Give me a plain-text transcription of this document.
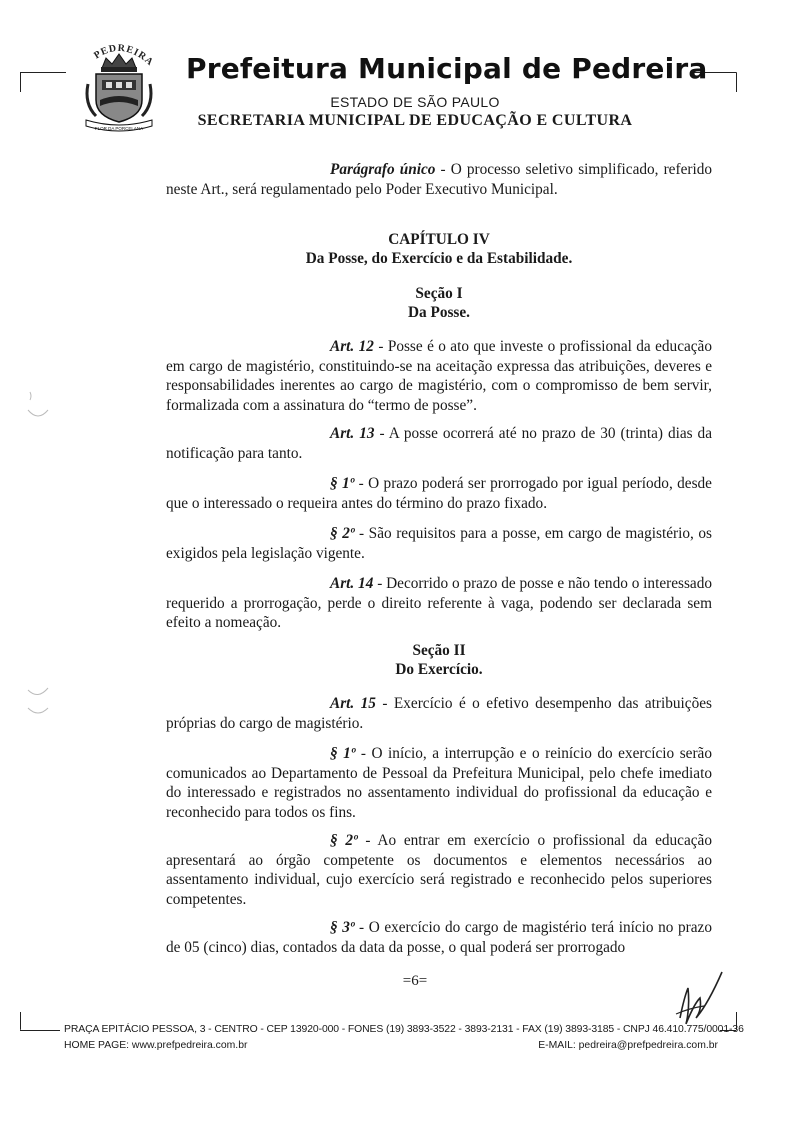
PEDREIRA
FLOR DA PORCELANA
Prefeitura Municipal de Pedreira
ESTADO DE SÃO PAULO
SECRETARIA MUNICIPAL DE EDUCAÇÃO E CULTURA
Parágrafo único - O processo seletivo simplificado, referido neste Art., será regulamentado pelo Poder Executivo Municipal.
CAPÍTULO IV
Da Posse, do Exercício e da Estabilidade.
Seção I
Da Posse.
Art. 12 - Posse é o ato que investe o profissional da educação em cargo de magistério, constituindo-se na aceitação expressa das atribuições, deveres e responsabilidades inerentes ao cargo de magistério, com o compromisso de bem servir, formalizada com a assinatura do “termo de posse”.
Art. 13 - A posse ocorrerá até no prazo de 30 (trinta) dias da notificação para tanto.
§ 1º - O prazo poderá ser prorrogado por igual período, desde que o interessado o requeira antes do término do prazo fixado.
§ 2º - São requisitos para a posse, em cargo de magistério, os exigidos pela legislação vigente.
Art. 14 - Decorrido o prazo de posse e não tendo o interessado requerido a prorrogação, perde o direito referente à vaga, podendo ser declarada sem efeito a nomeação.
Seção II
Do Exercício.
Art. 15 - Exercício é o efetivo desempenho das atribuições próprias do cargo de magistério.
§ 1º - O início, a interrupção e o reinício do exercício serão comunicados ao Departamento de Pessoal da Prefeitura Municipal, pelo chefe imediato do interessado e registrados no assentamento individual do profissional da educação e reconhecido para todos os fins.
§ 2º - Ao entrar em exercício o profissional da educação apresentará ao órgão competente os documentos e elementos necessários ao assentamento individual, cujo exercício será registrado e reconhecido pelos superiores competentes.
§ 3º - O exercício do cargo de magistério terá início no prazo de 05 (cinco) dias, contados da data da posse, o qual poderá ser prorrogado
=6=
PRAÇA EPITÁCIO PESSOA, 3 - CENTRO - CEP 13920-000 - FONES (19) 3893-3522 - 3893-2131 - FAX (19) 3893-3185 - CNPJ 46.410.775/0001-36
HOME PAGE: www.prefpedreira.com.br	E-MAIL: pedreira@prefpedreira.com.br
